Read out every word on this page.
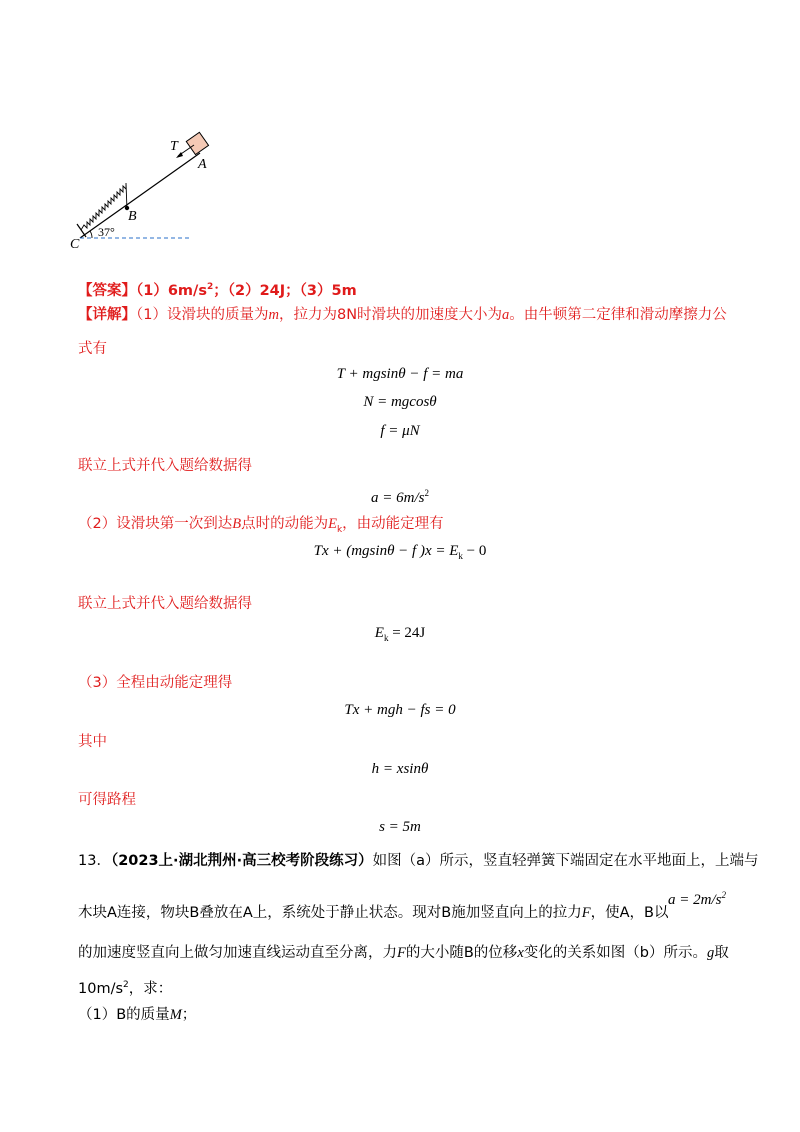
T
A
B
C
37°
【答案】$(1)6m/s^2$；（2）24J；（3）5m
【详解】（1）设滑块的质量为m，拉力为8N时滑块的加速度大小为a。由牛顿第二定律和滑动摩擦力公
式有
T + mgsinθ − f = ma
N = mgcosθ
f = μN
联立上式并代入题给数据得
$a = 6m/s^2$
（2）设滑块第一次到达B点时的动能为$E_k$，由动能定理有
Tx + (mgsinθ − f )$x = E_k - 0$
联立上式并代入题给数据得
$E_k = 24J$
（3）全程由动能定理得
Tx + mgh − fs = 0
其中
h = xsinθ
可得路程
s = 5m
13．（2023上·湖北荆州·高三校考阶段练习）如图（a）所示，竖直轻弹簧下端固定在水平地面上，上端与
木块A连接，物块B叠放在A上，系统处于静止状态。现对B施加竖直向上的拉力F，使A，B以
$a = 2m/s^2$
的加速度竖直向上做匀加速直线运动直至分离，力F的大小随B的位移x变化的关系如图（b）所示。g取
$10m/s^2$，求：
（1）B的质量M；
